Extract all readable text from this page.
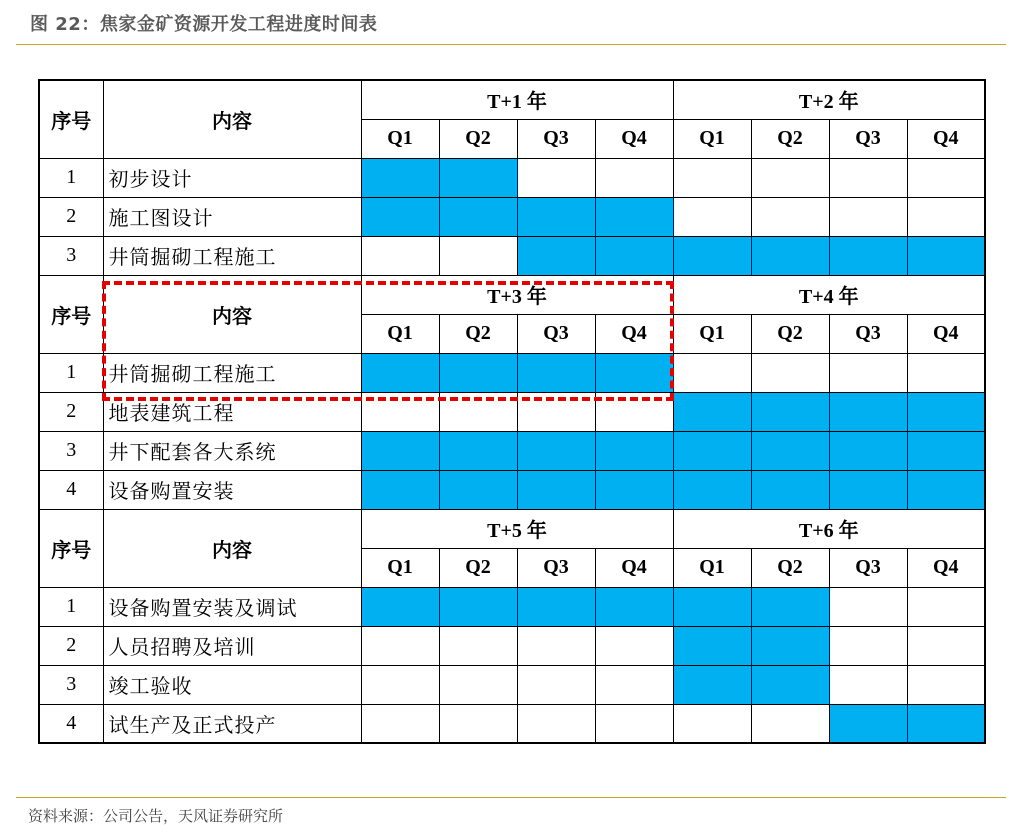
图 22：焦家金矿资源开发工程进度时间表
序号	内容	T+1 年				T+2 年			
		Q1	Q2	Q3	Q4	Q1	Q2	Q3	Q4
1	初步设计								
2	施工图设计								
3	井筒掘砌工程施工								
序号	内容	T+3 年				T+4 年			
		Q1	Q2	Q3	Q4	Q1	Q2	Q3	Q4
1	井筒掘砌工程施工								
2	地表建筑工程								
3	井下配套各大系统								
4	设备购置安装								
序号	内容	T+5 年				T+6 年			
		Q1	Q2	Q3	Q4	Q1	Q2	Q3	Q4
1	设备购置安装及调试								
2	人员招聘及培训								
3	竣工验收								
4	试生产及正式投产								
资料来源：公司公告，天风证券研究所
